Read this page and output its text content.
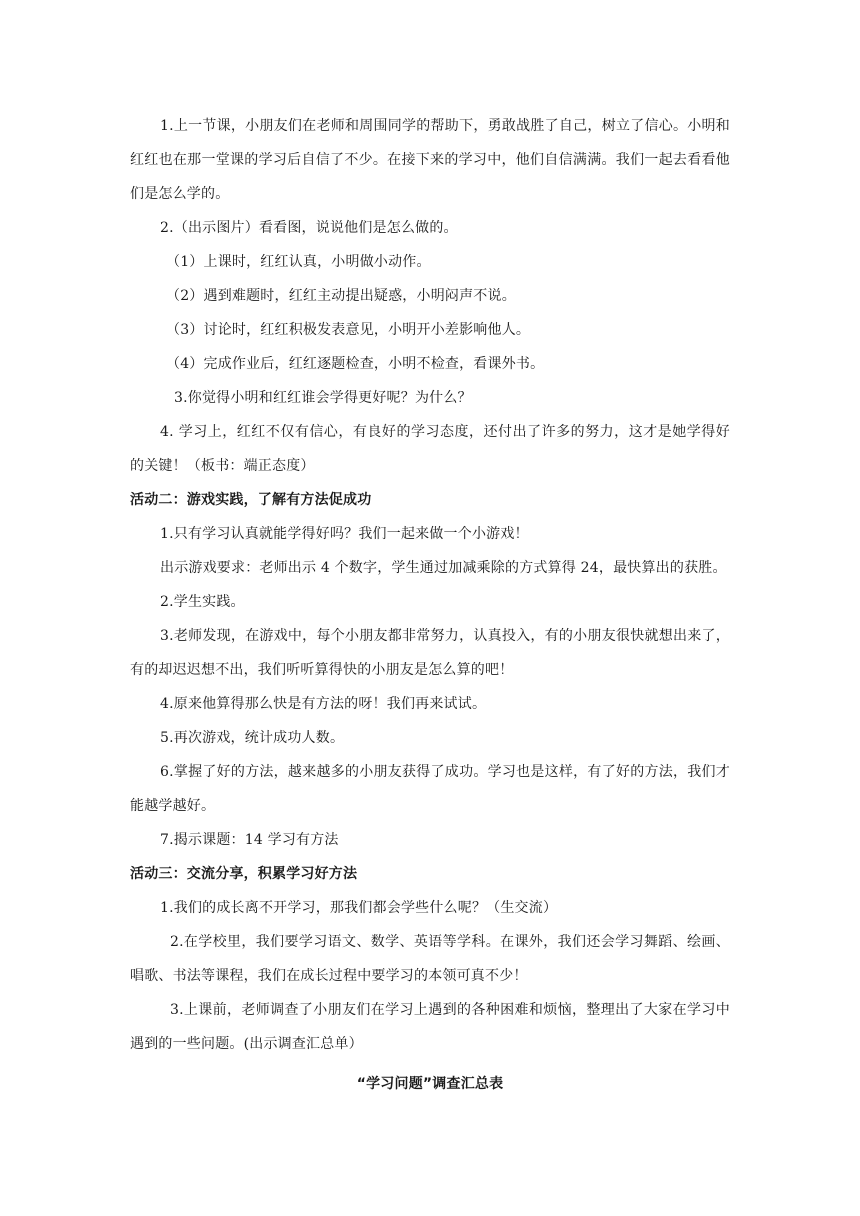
1.上一节课，小朋友们在老师和周围同学的帮助下，勇敢战胜了自己，树立了信心。小明和红红也在那一堂课的学习后自信了不少。在接下来的学习中，他们自信满满。我们一起去看看他们是怎么学的。

2.（出示图片）看看图，说说他们是怎么做的。

（1）上课时，红红认真，小明做小动作。

（2）遇到难题时，红红主动提出疑惑，小明闷声不说。

（3）讨论时，红红积极发表意见，小明开小差影响他人。

（4）完成作业后，红红逐题检查，小明不检查，看课外书。

3.你觉得小明和红红谁会学得更好呢？为什么？

4. 学习上，红红不仅有信心，有良好的学习态度，还付出了许多的努力，这才是她学得好的关键！（板书：端正态度）

活动二：游戏实践，了解有方法促成功

1.只有学习认真就能学得好吗？我们一起来做一个小游戏！

出示游戏要求：老师出示 4 个数字，学生通过加减乘除的方式算得 24，最快算出的获胜。

2.学生实践。

3.老师发现，在游戏中，每个小朋友都非常努力，认真投入，有的小朋友很快就想出来了，有的却迟迟想不出，我们听听算得快的小朋友是怎么算的吧！

4.原来他算得那么快是有方法的呀！我们再来试试。

5.再次游戏，统计成功人数。

6.掌握了好的方法，越来越多的小朋友获得了成功。学习也是这样，有了好的方法，我们才能越学越好。

7.揭示课题：14 学习有方法

活动三：交流分享，积累学习好方法

1.我们的成长离不开学习，那我们都会学些什么呢？（生交流）

2.在学校里，我们要学习语文、数学、英语等学科。在课外，我们还会学习舞蹈、绘画、唱歌、书法等课程，我们在成长过程中要学习的本领可真不少！

3.上课前，老师调查了小朋友们在学习上遇到的各种困难和烦恼，整理出了大家在学习中遇到的一些问题。(出示调查汇总单）

“学习问题”调查汇总表
